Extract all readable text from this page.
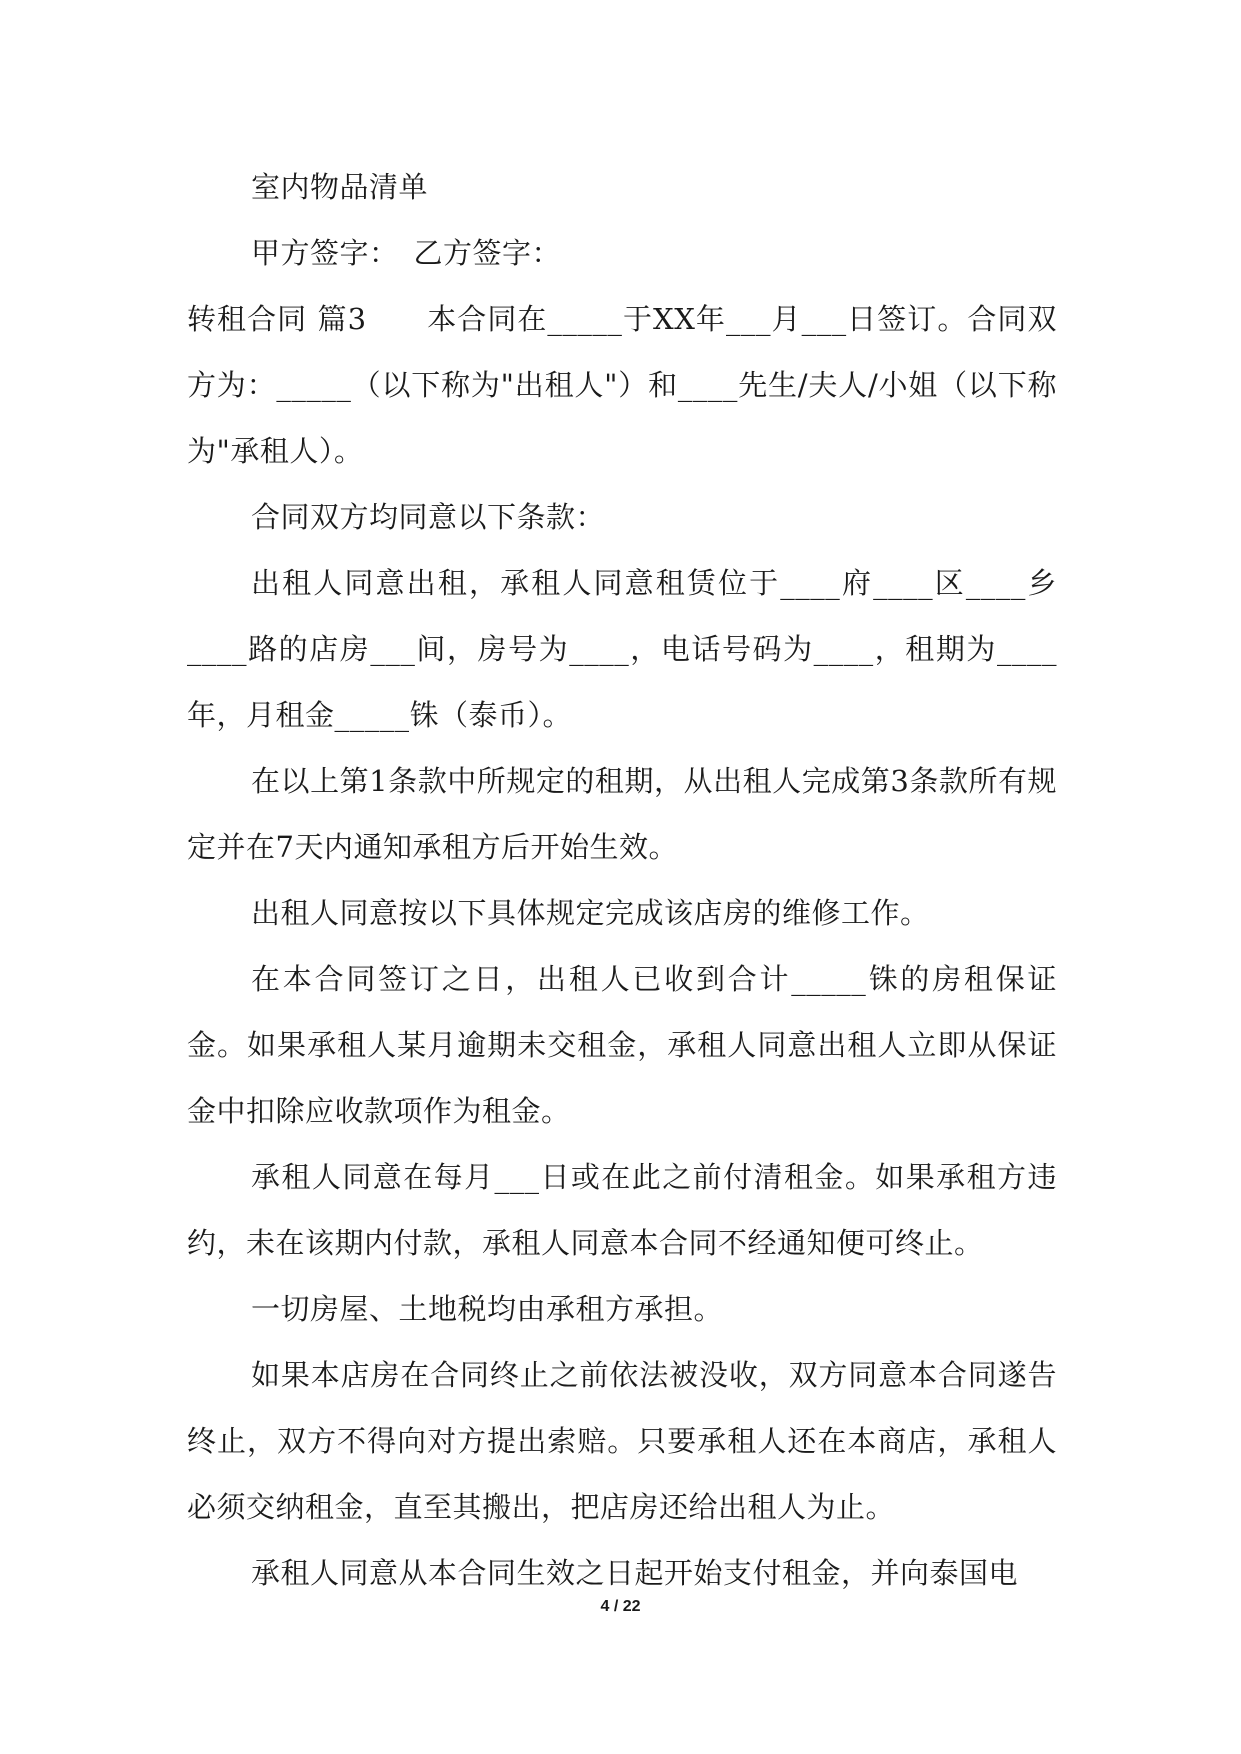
室内物品清单

甲方签字：　乙方签字：

转租合同 篇3　　本合同在_____于XX年___月___日签订。合同双方为：_____（以下称为"出租人"）和____先生/夫人/小姐（以下称为"承租人）。

合同双方均同意以下条款：

出租人同意出租，承租人同意租赁位于____府____区____乡____路的店房___间，房号为____，电话号码为____，租期为____年，月租金_____铢（泰币）。

在以上第1条款中所规定的租期，从出租人完成第3条款所有规定并在7天内通知承租方后开始生效。

出租人同意按以下具体规定完成该店房的维修工作。

在本合同签订之日，出租人已收到合计_____铢的房租保证金。如果承租人某月逾期未交租金，承租人同意出租人立即从保证金中扣除应收款项作为租金。

承租人同意在每月___日或在此之前付清租金。如果承租方违约，未在该期内付款，承租人同意本合同不经通知便可终止。

一切房屋、土地税均由承租方承担。

如果本店房在合同终止之前依法被没收，双方同意本合同遂告终止，双方不得向对方提出索赔。只要承租人还在本商店，承租人必须交纳租金，直至其搬出，把店房还给出租人为止。

承租人同意从本合同生效之日起开始支付租金，并向泰国电

4 / 22
